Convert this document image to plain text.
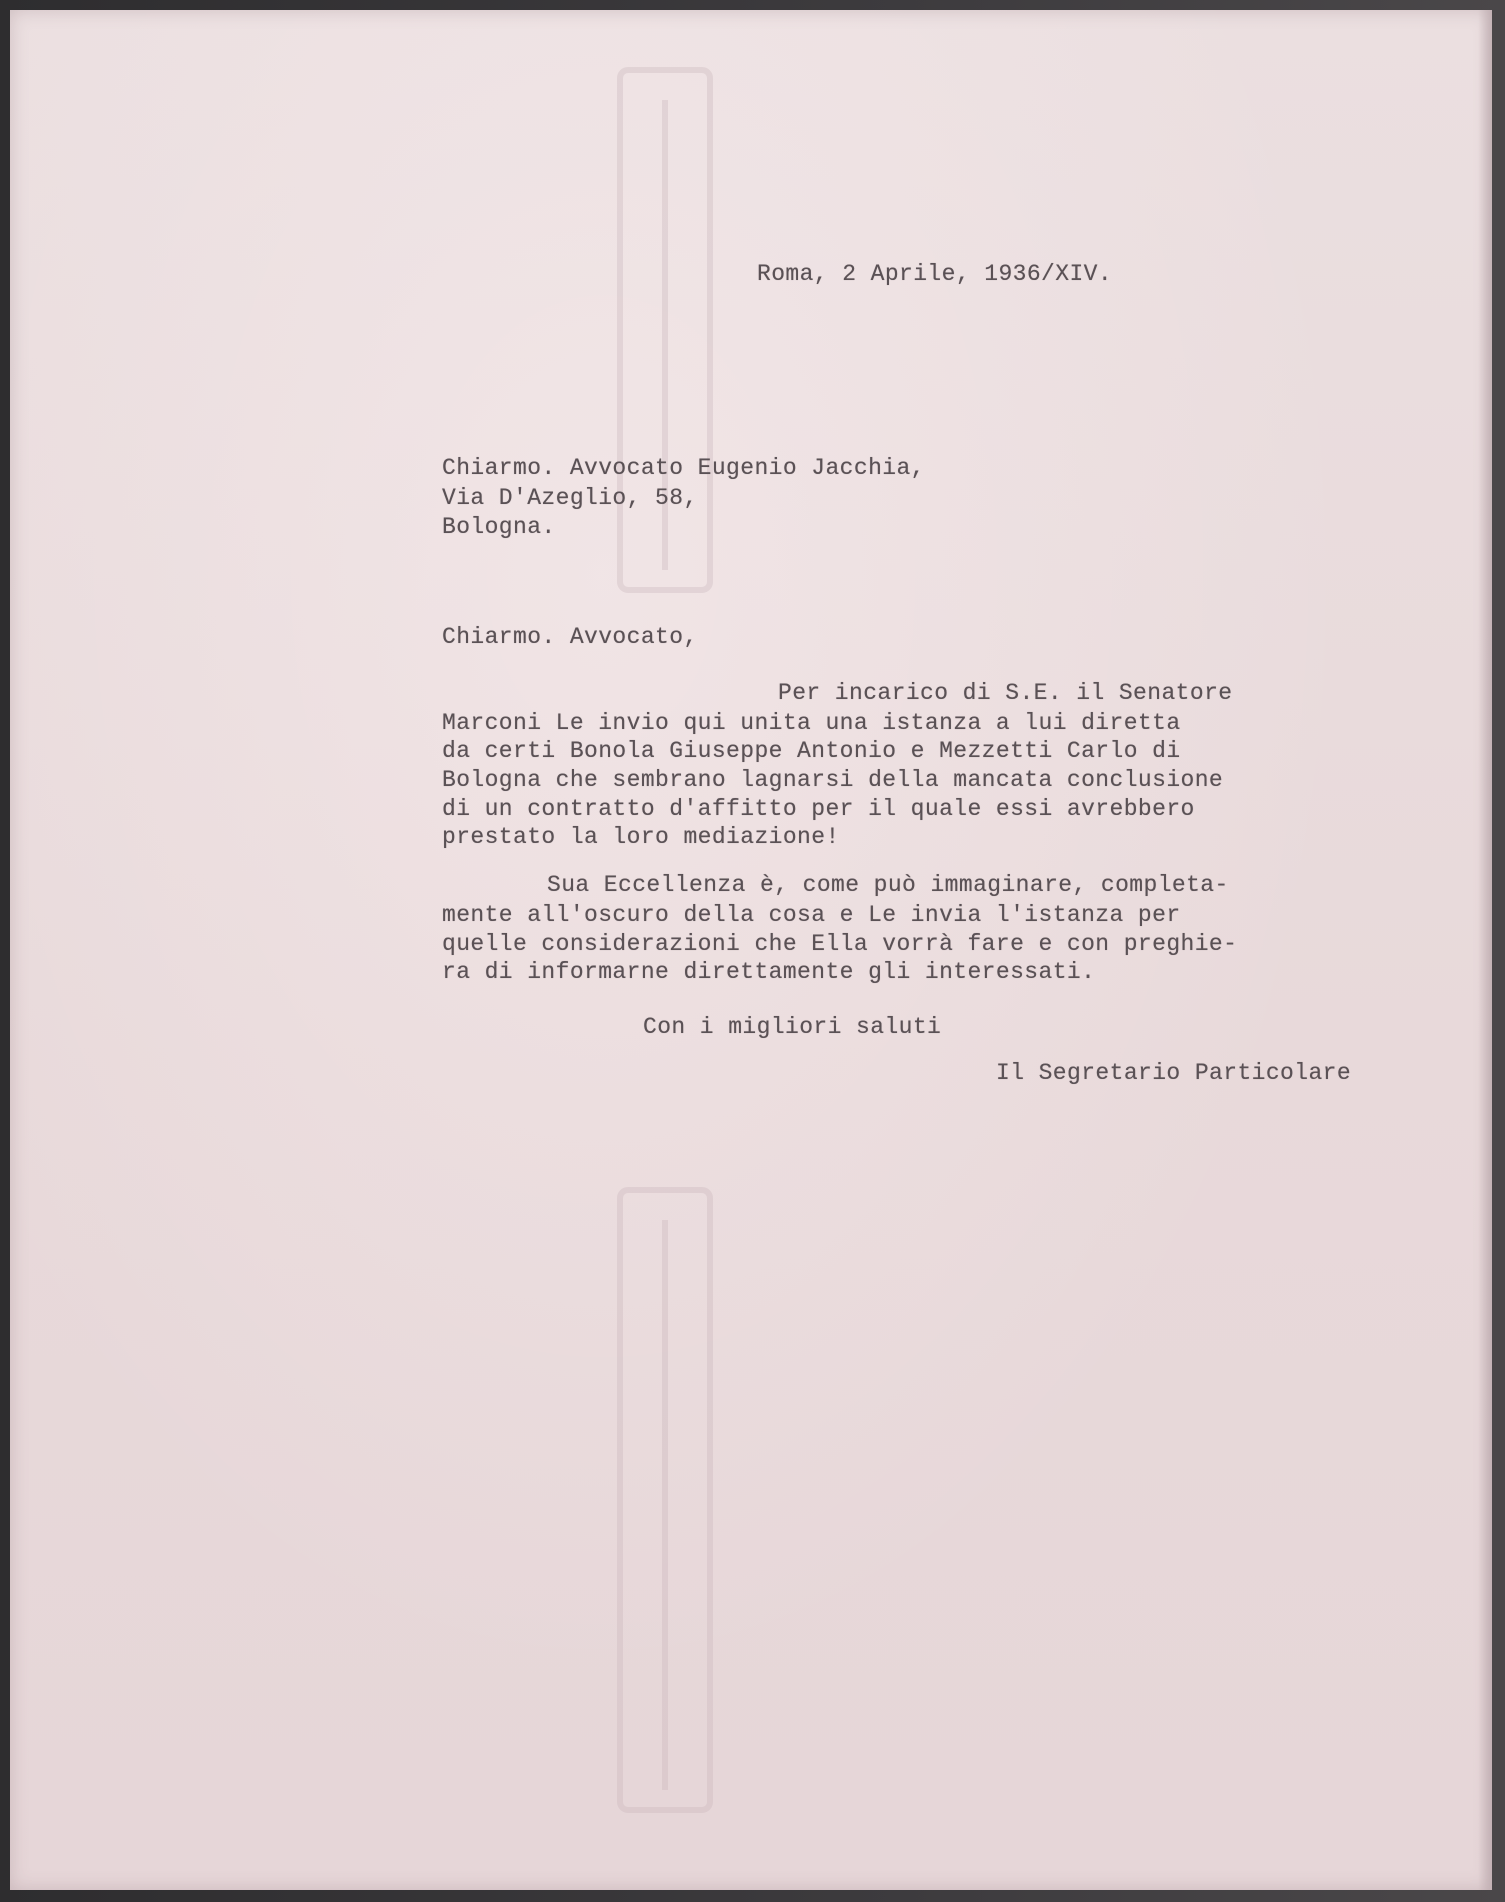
Roma, 2 Aprile, 1936/XIV.
Chiarmo. Avvocato Eugenio Jacchia,
Via D'Azeglio, 58,
Bologna.
Chiarmo. Avvocato,
Per incarico di S.E. il Senatore
Marconi Le invio qui unita una istanza a lui diretta
da certi Bonola Giuseppe Antonio e Mezzetti Carlo di
Bologna che sembrano lagnarsi della mancata conclusione
di un contratto d'affitto per il quale essi avrebbero
prestato la loro mediazione!
Sua Eccellenza è, come può immaginare, completa-
mente all'oscuro della cosa e Le invia l'istanza per
quelle considerazioni che Ella vorrà fare e con preghie-
ra di informarne direttamente gli interessati.
Con i migliori saluti
Il Segretario Particolare
